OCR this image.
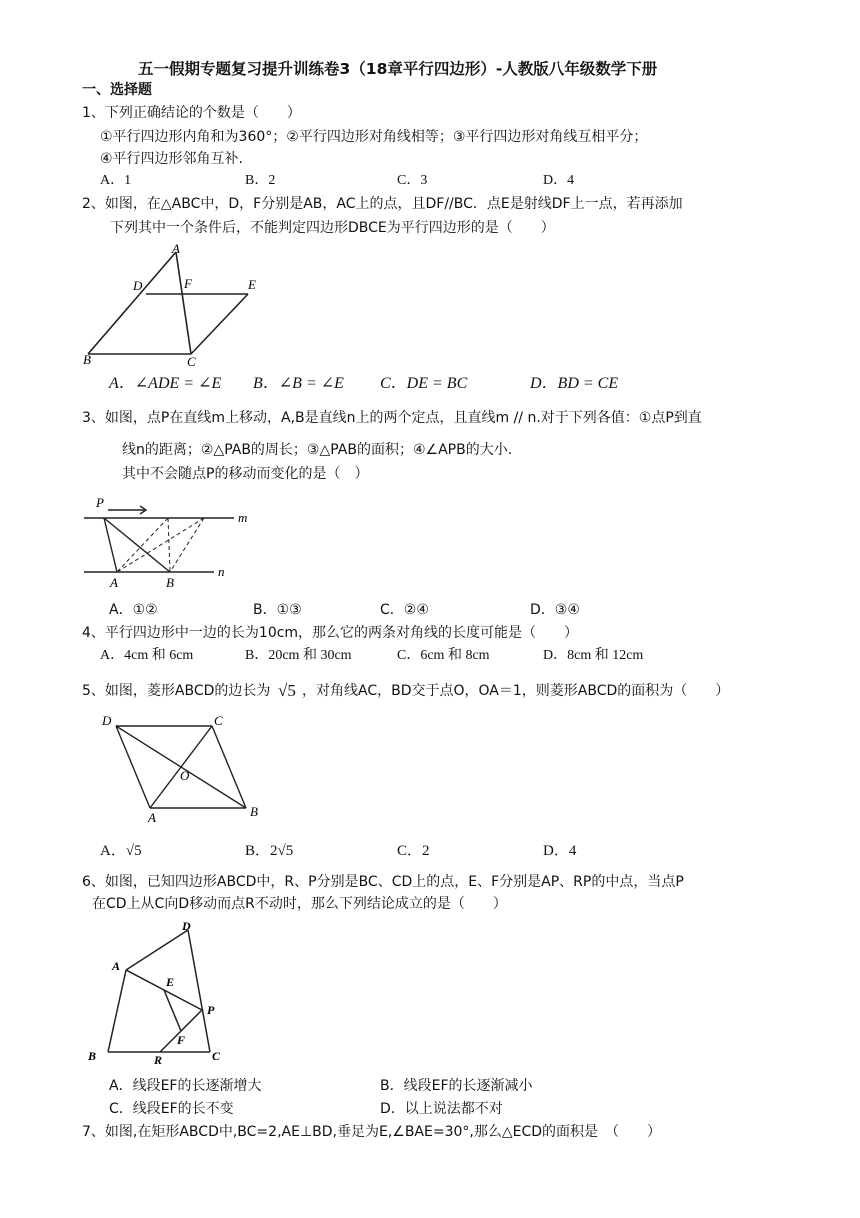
五一假期专题复习提升训练卷3（18章平行四边形）-人教版八年级数学下册
一、选择题
1、下列正确结论的个数是（　　）
①平行四边形内角和为360°；②平行四边形对角线相等；③平行四边形对角线互相平分；
④平行四边形邻角互补.
A．1	B．2	C．3	D．4
2、如图，在△ABC中，D，F分别是AB，AC上的点，且DF//BC．点E是射线DF上一点，若再添加
下列其中一个条件后，不能判定四边形DBCE为平行四边形的是（　　）
A
D	F	E
B	C
A．∠ADE = ∠E B．∠B = ∠E C．DE = BC	D．BD = CE
3、如图，点P在直线m上移动，A,B是直线n上的两个定点，且直线m // n.对于下列各值：①点P到直
线n的距离；②△PAB的周长；③△PAB的面积；④∠APB的大小.
其中不会随点P的移动而变化的是（　）
P
m
n
A	B
A．①②	B．①③	C．②④	D．③④
4、平行四边形中一边的长为10cm，那么它的两条对角线的长度可能是（　　）
A．4cm 和 6cm	B．20cm 和 30cm	C．6cm 和 8cm	D．8cm 和 12cm
5、如图，菱形ABCD的边长为 √5 ，对角线AC，BD交于点O，OA＝1，则菱形ABCD的面积为（　　）
D	C
O
A	B
A．√5	B．2√5	C．2	D．4
6、如图，已知四边形ABCD中，R、P分别是BC、CD上的点，E、F分别是AP、RP的中点，当点P
在CD上从C向D移动而点R不动时，那么下列结论成立的是（　　）
D
A
E
P
F
B	R	C
A．线段EF的长逐渐增大	B．线段EF的长逐渐减小
C．线段EF的长不变	D．以上说法都不对
7、如图,在矩形ABCD中,BC=2,AE⊥BD,垂足为E,∠BAE=30°,那么△ECD的面积是　（　　）
